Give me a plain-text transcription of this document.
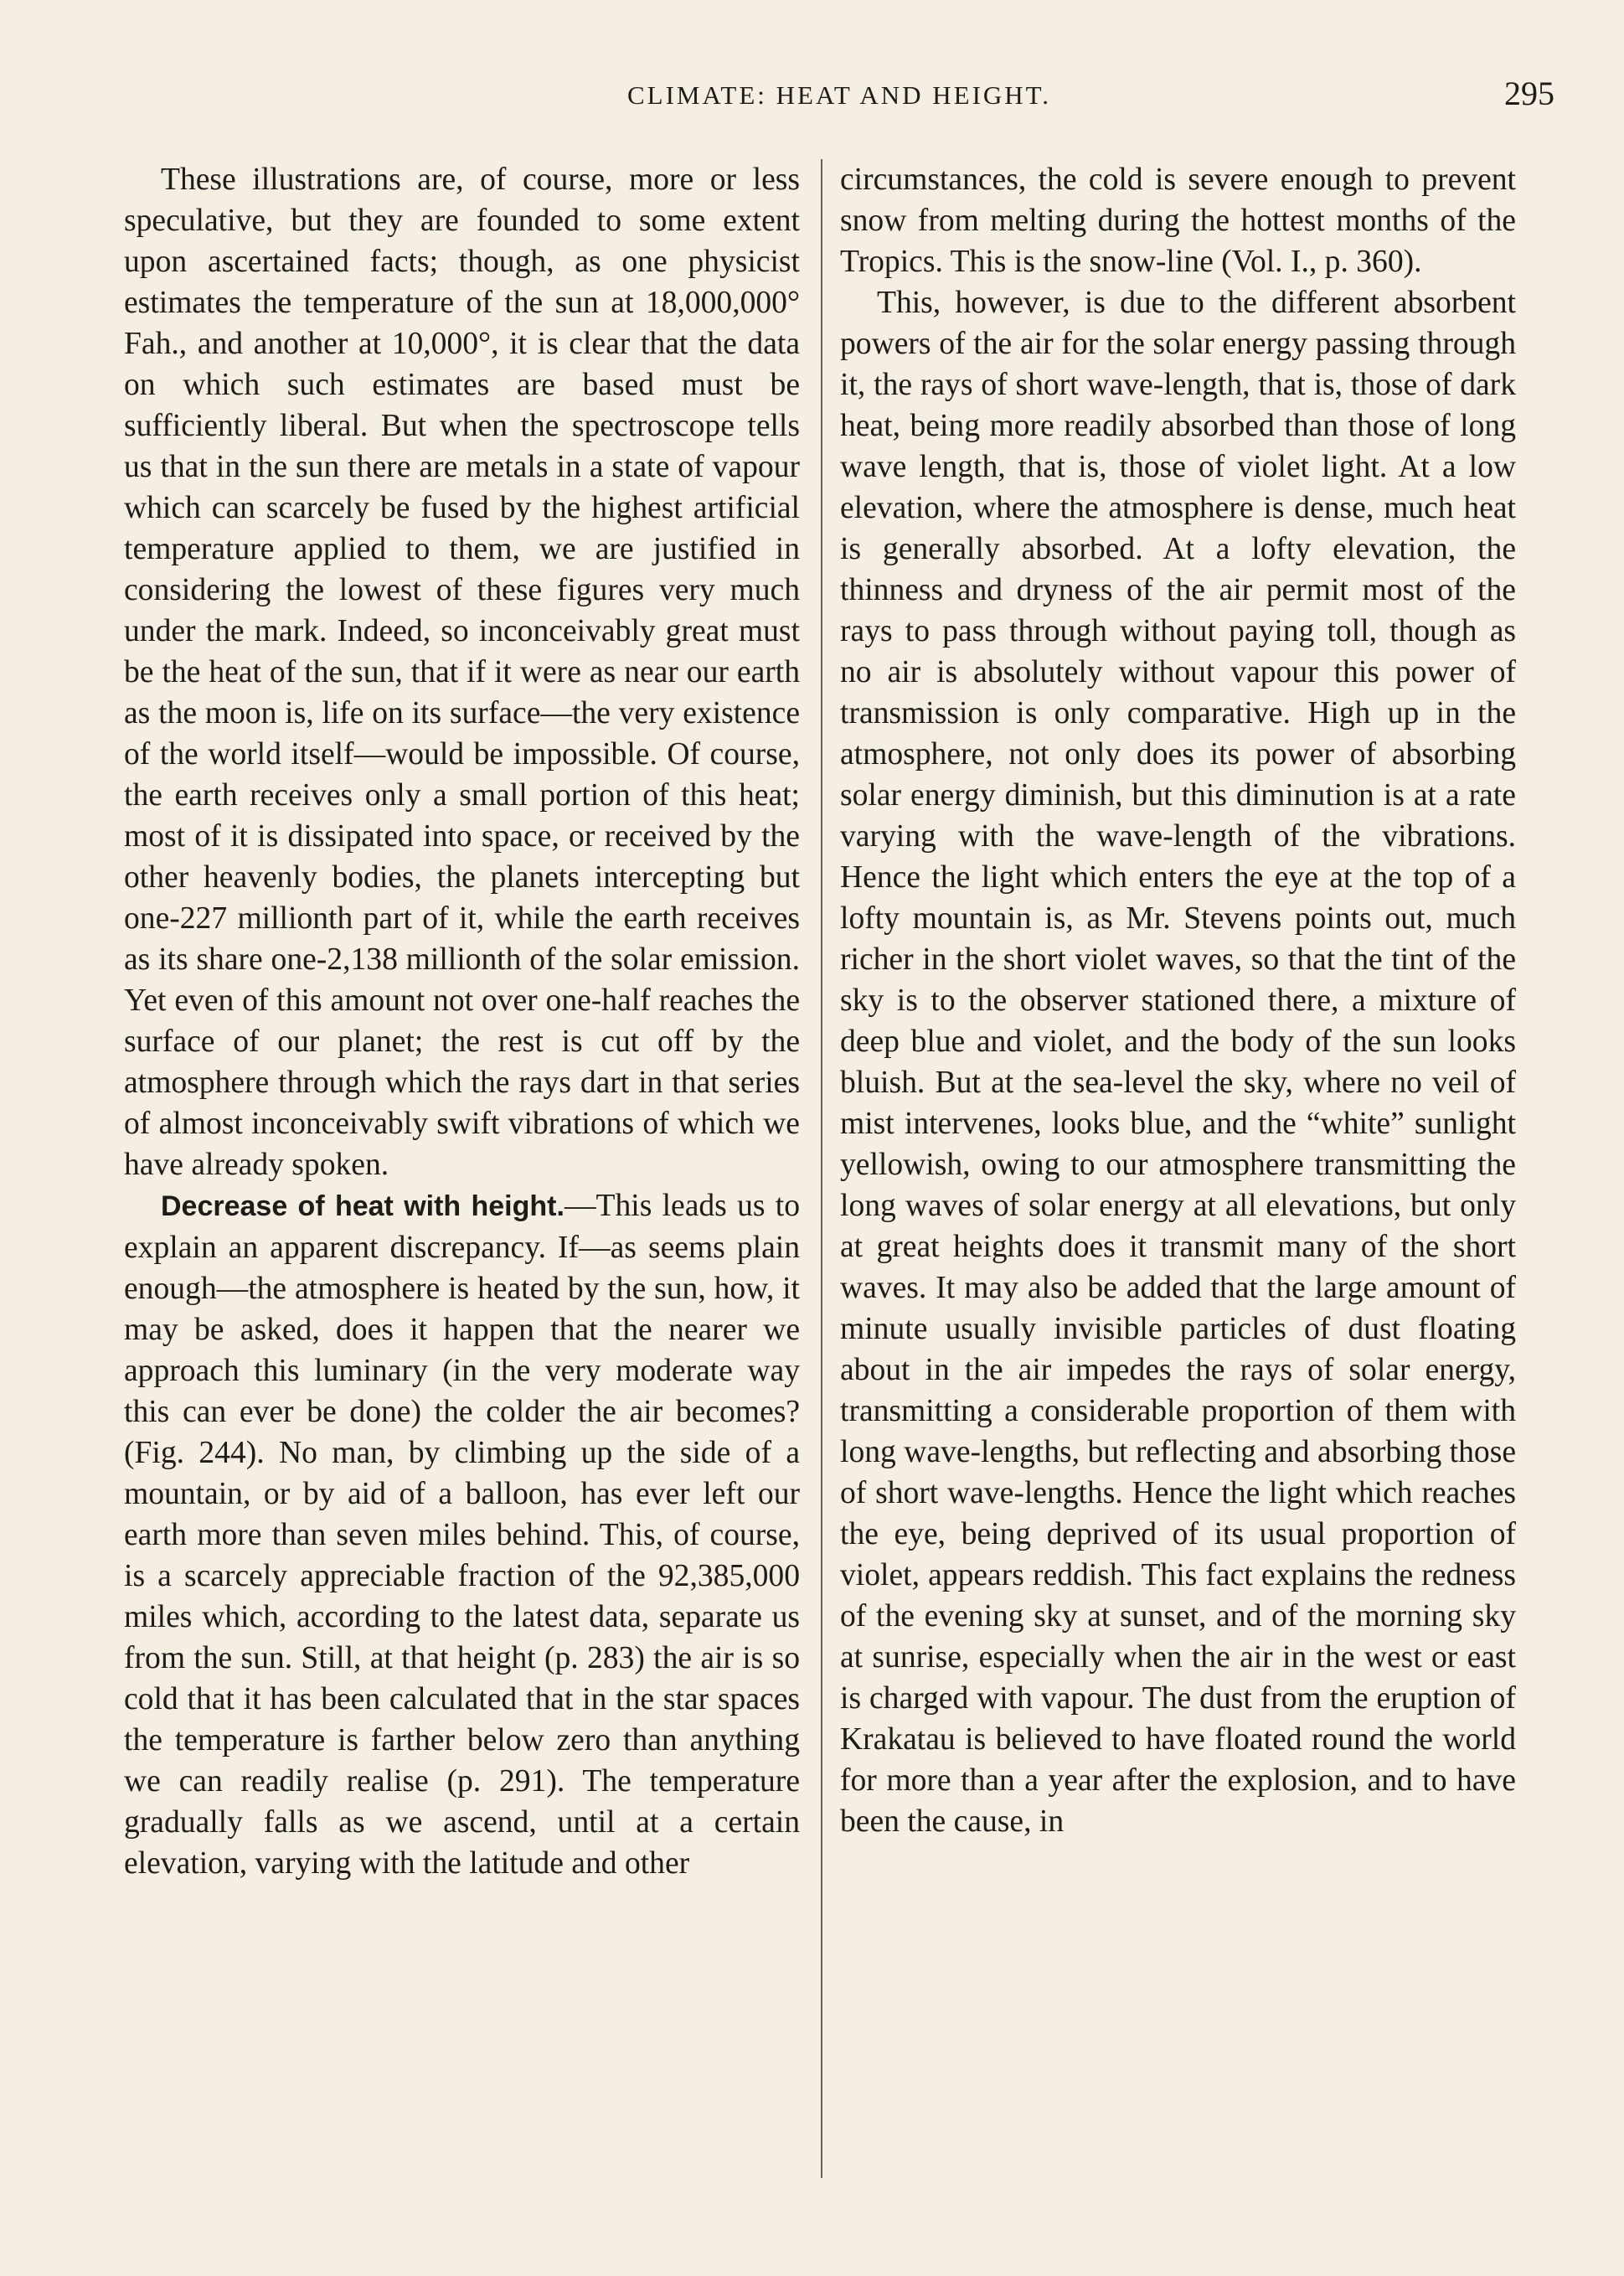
CLIMATE: HEAT AND HEIGHT.	295

These illustrations are, of course, more or less speculative, but they are founded to some extent upon ascertained facts; though, as one physicist estimates the temperature of the sun at 18,000,000° Fah., and another at 10,000°, it is clear that the data on which such estimates are based must be sufficiently liberal. But when the spectroscope tells us that in the sun there are metals in a state of vapour which can scarcely be fused by the highest artificial temperature applied to them, we are justified in considering the lowest of these figures very much under the mark. Indeed, so inconceivably great must be the heat of the sun, that if it were as near our earth as the moon is, life on its surface—the very existence of the world itself—would be impossible. Of course, the earth receives only a small portion of this heat; most of it is dissipated into space, or received by the other heavenly bodies, the planets intercepting but one-227 millionth part of it, while the earth receives as its share one-2,138 millionth of the solar emission. Yet even of this amount not over one-half reaches the surface of our planet; the rest is cut off by the atmosphere through which the rays dart in that series of almost inconceivably swift vibrations of which we have already spoken.

Decrease of heat with height.—This leads us to explain an apparent discrepancy. If—as seems plain enough—the atmosphere is heated by the sun, how, it may be asked, does it happen that the nearer we approach this luminary (in the very moderate way this can ever be done) the colder the air becomes? (Fig. 244). No man, by climbing up the side of a mountain, or by aid of a balloon, has ever left our earth more than seven miles behind. This, of course, is a scarcely appreciable fraction of the 92,385,000 miles which, according to the latest data, separate us from the sun. Still, at that height (p. 283) the air is so cold that it has been calculated that in the star spaces the temperature is farther below zero than anything we can readily realise (p. 291). The temperature gradually falls as we ascend, until at a certain elevation, varying with the latitude and other

circumstances, the cold is severe enough to prevent snow from melting during the hottest months of the Tropics. This is the snow-line (Vol. I., p. 360).

This, however, is due to the different absorbent powers of the air for the solar energy passing through it, the rays of short wave-length, that is, those of dark heat, being more readily absorbed than those of long wave length, that is, those of violet light. At a low elevation, where the atmosphere is dense, much heat is generally absorbed. At a lofty elevation, the thinness and dryness of the air permit most of the rays to pass through without paying toll, though as no air is absolutely without vapour this power of transmission is only comparative. High up in the atmosphere, not only does its power of absorbing solar energy diminish, but this diminution is at a rate varying with the wave-length of the vibrations. Hence the light which enters the eye at the top of a lofty mountain is, as Mr. Stevens points out, much richer in the short violet waves, so that the tint of the sky is to the observer stationed there, a mixture of deep blue and violet, and the body of the sun looks bluish. But at the sea-level the sky, where no veil of mist intervenes, looks blue, and the “white” sunlight yellowish, owing to our atmosphere transmitting the long waves of solar energy at all elevations, but only at great heights does it transmit many of the short waves. It may also be added that the large amount of minute usually invisible particles of dust floating about in the air impedes the rays of solar energy, transmitting a considerable proportion of them with long wave-lengths, but reflecting and absorbing those of short wave-lengths. Hence the light which reaches the eye, being deprived of its usual proportion of violet, appears reddish. This fact explains the redness of the evening sky at sunset, and of the morning sky at sunrise, especially when the air in the west or east is charged with vapour. The dust from the eruption of Krakatau is believed to have floated round the world for more than a year after the explosion, and to have been the cause, in
